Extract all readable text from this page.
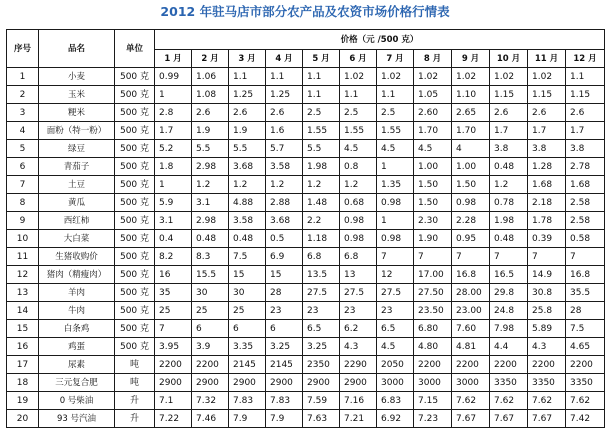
2012 年驻马店市部分农产品及农资市场价格行情表
序号	品名	单位	价格（元 /500 克）											
			1 月	2 月	3 月	4 月	5 月	6 月	7 月	8 月	9 月	10 月	11 月	12 月
1	小麦	500 克	0.99	1.06	1.1	1.1	1.1	1.02	1.02	1.02	1.02	1.02	1.02	1.1
2	玉米	500 克	1	1.08	1.25	1.25	1.1	1.1	1.1	1.05	1.10	1.15	1.15	1.15
3	粳米	500 克	2.8	2.6	2.6	2.6	2.5	2.5	2.5	2.60	2.65	2.6	2.6	2.6
4	面粉（特一粉）	500 克	1.7	1.9	1.9	1.6	1.55	1.55	1.55	1.70	1.70	1.7	1.7	1.7
5	绿豆	500 克	5.2	5.5	5.5	5.7	5.5	4.5	4.5	4.5	4	3.8	3.8	3.8
6	青茄子	500 克	1.8	2.98	3.68	3.58	1.98	0.8	1	1.00	1.00	0.48	1.28	2.78
7	土豆	500 克	1	1.2	1.2	1.2	1.2	1.2	1.35	1.50	1.50	1.2	1.68	1.68
8	黄瓜	500 克	5.9	3.1	4.88	2.88	1.48	0.68	0.98	1.50	0.98	0.78	2.18	2.58
9	西红柿	500 克	3.1	2.98	3.58	3.68	2.2	0.98	1	2.30	2.28	1.98	1.78	2.58
10	大白菜	500 克	0.4	0.48	0.48	0.5	1.18	0.98	0.98	1.90	0.95	0.48	0.39	0.58
11	生猪收购价	500 克	8.2	8.3	7.5	6.9	6.8	6.8	7	7	7	7	7	7
12	猪肉（精瘦肉）	500 克	16	15.5	15	15	13.5	13	12	17.00	16.8	16.5	14.9	16.8
13	羊肉	500 克	35	30	30	28	27.5	27.5	27.5	27.50	28.00	29.8	30.8	35.5
14	牛肉	500 克	25	25	25	23	23	23	23	23.50	23.00	24.8	25.8	28
15	白条鸡	500 克	7	6	6	6	6.5	6.2	6.5	6.80	7.60	7.98	5.89	7.5
16	鸡蛋	500 克	3.95	3.9	3.35	3.25	3.25	4.3	4.5	4.80	4.81	4.4	4.3	4.65
17	尿素	吨	2200	2200	2145	2145	2350	2290	2050	2200	2200	2200	2200	2200
18	三元复合肥	吨	2900	2900	2900	2900	2900	2900	3000	3000	3000	3350	3350	3350
19	0 号柴油	升	7.1	7.32	7.83	7.83	7.59	7.16	6.83	7.15	7.62	7.62	7.62	7.62
20	93 号汽油	升	7.22	7.46	7.9	7.9	7.63	7.21	6.92	7.23	7.67	7.67	7.67	7.42
